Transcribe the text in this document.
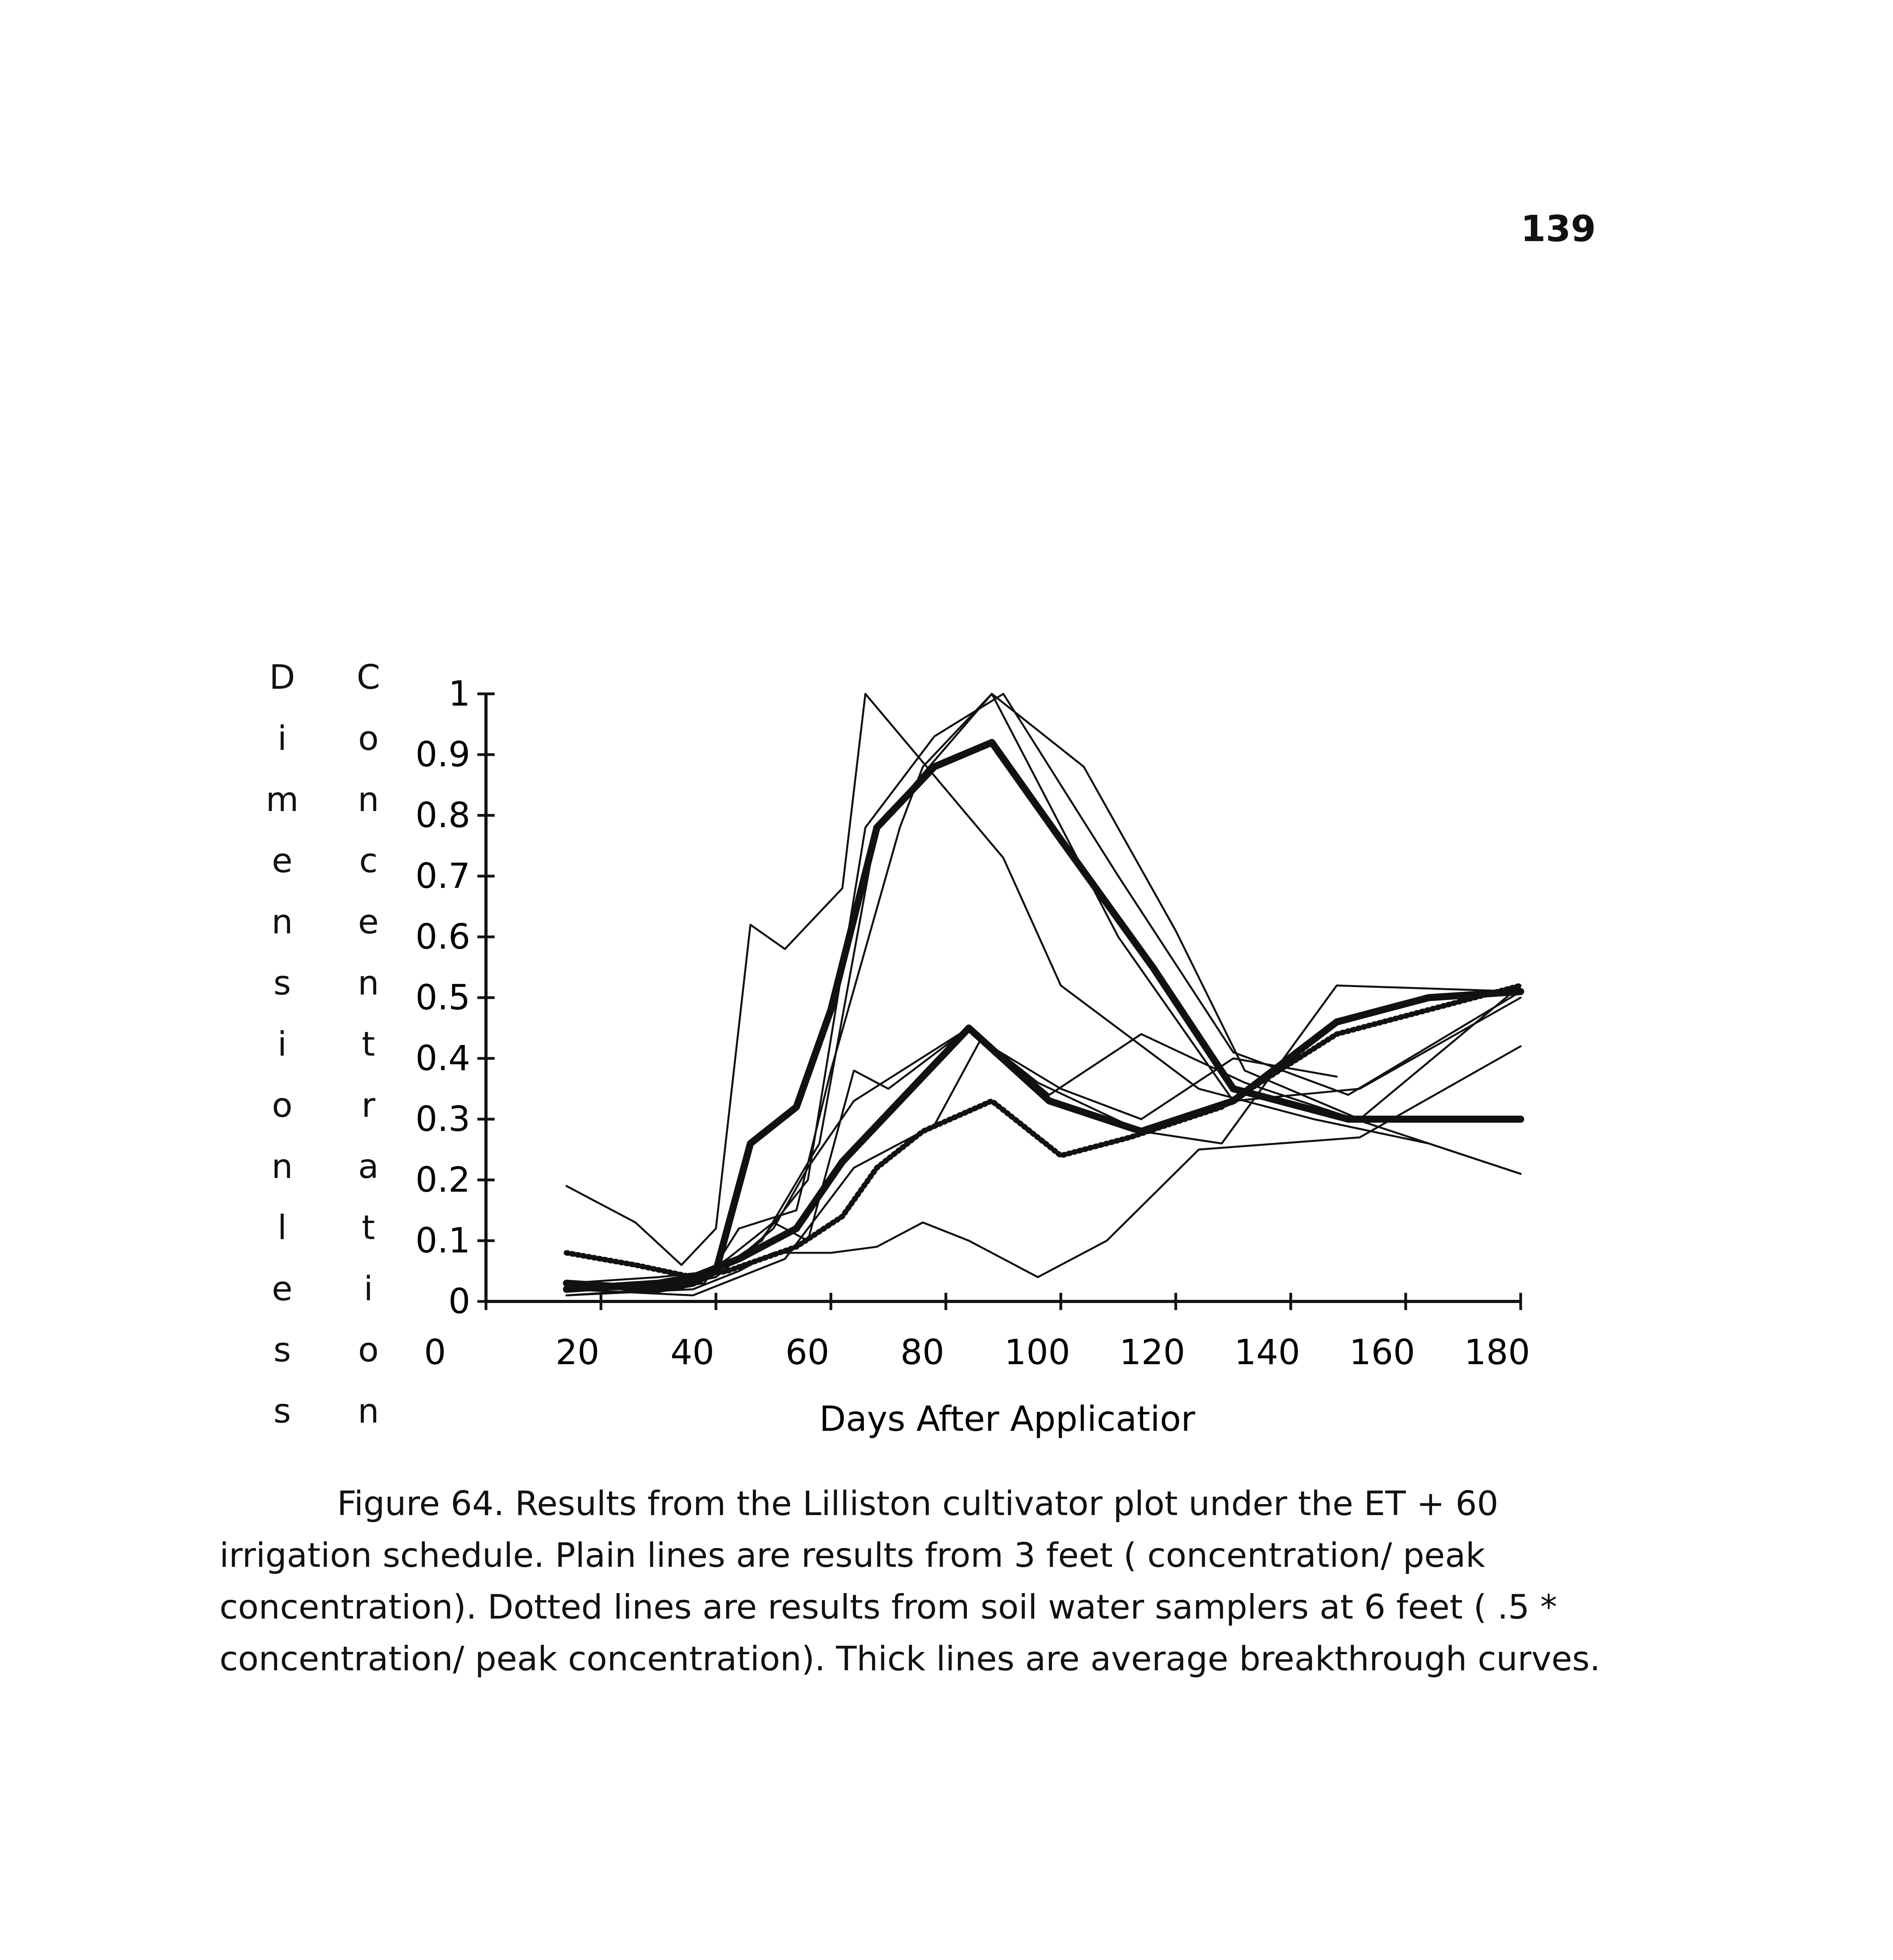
139
D
i
m
e
n
s
i
o
n
l
e
s
s
C
o
n
c
e
n
t
r
a
t
i
o
n
0
0.1
0.2
0.3
0.4
0.5
0.6
0.7
0.8
0.9
1
0	20 40 60 80 100 120 140 160 180
Days After Applicatior

Figure 64. Results from the Lilliston cultivator plot under the ET + 60 irrigation schedule. Plain lines are results from 3 feet ( concentration/ peak concentration). Dotted lines are results from soil water samplers at 6 feet ( .5 * concentration/ peak concentration). Thick lines are average breakthrough curves.
